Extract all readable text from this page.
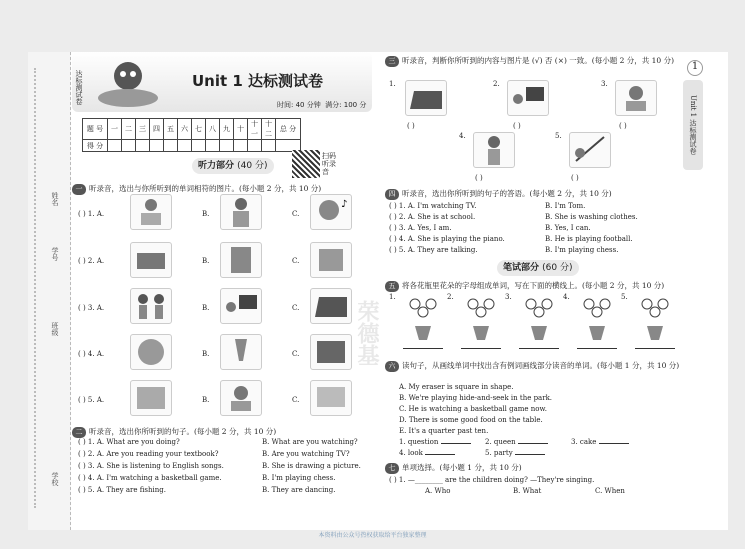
姓名
学号
班级
学校
达标测试卷	Unit 1 达标测试卷
时间: 40 分钟 满分: 100 分
题 号	一	二	三	四	五	六	七	八	九	十	十一	十二	总 分
得 分													
听力部分 (40 分)
扫码听录音
一 听录音，选出与你所听到的单词相符的图片。(每小题 2 分，共 10 分)
( ) 1. A.	B.	C.
( ) 2. A.	B.	C.
( ) 3. A.	B.	C.
( ) 4. A.	B.	C.
( ) 5. A.	B.	C.
♪
二 听录音，选出你所听到的句子。(每小题 2 分，共 10 分)
( ) 1. A. What are you doing?	B. What are you watching?
( ) 2. A. Are you reading your textbook?	B. Are you watching TV?
( ) 3. A. She is listening to English songs.	B. She is drawing a picture.
( ) 4. A. I'm watching a basketball game.	B. I'm playing chess.
( ) 5. A. They are fishing.	B. They are dancing.
荣德基
三 听录音，判断你所听到的内容与图片是 (√) 否 (×) 一致。(每小题 2 分，共 10 分)
1.
( )
2.
( )
3.
( )
4.
( )
5.
( )
四 听录音，选出你所听到的句子的答语。(每小题 2 分，共 10 分)
( ) 1. A. I'm watching TV.	B. I'm Tom.
( ) 2. A. She is at school.	B. She is washing clothes.
( ) 3. A. Yes, I am.	B. Yes, I can.
( ) 4. A. She is playing the piano.	B. He is playing football.
( ) 5. A. They are talking.	B. I'm playing chess.
笔试部分 (60 分)
五 将各花瓶里花朵的字母组成单词，写在下面的横线上。(每小题 2 分，共 10 分)
1.	2.	3.	4.	5.
六 读句子，从画线单词中找出含有例词画线部分读音的单词。(每小题 1 分，共 10 分)
A. My eraser is square in shape.
B. We're playing hide-and-seek in the park.
C. He is watching a basketball game now.
D. There is some good food on the table.
E. It's a quarter past ten.
1. question	2. queen	3. cake
4. look	5. party
七 单项选择。(每小题 1 分，共 10 分)
( ) 1. —________ are the children doing? —They're singing.
A. Who	B. What	C. When
1
Unit 1 达标测试卷
本资料由公众号热权获取给平台独家整理
